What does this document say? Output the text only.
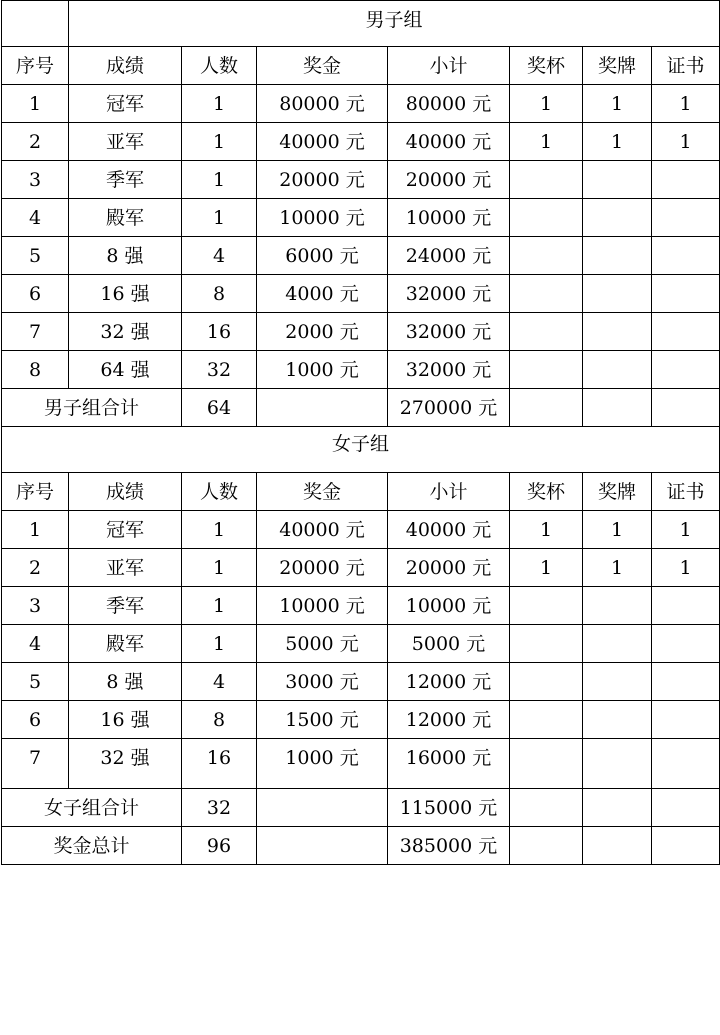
	男子组						
序号	成绩	人数	奖金	小计	奖杯	奖牌	证书
1	冠军	1	80000 元	80000 元	1	1	1
2	亚军	1	40000 元	40000 元	1	1	1
3	季军	1	20000 元	20000 元			
4	殿军	1	10000 元	10000 元			
5	8 强	4	6000 元	24000 元			
6	16 强	8	4000 元	32000 元			
7	32 强	16	2000 元	32000 元			
8	64 强	32	1000 元	32000 元			
男子组合计		64		270000 元			
女子组							
序号	成绩	人数	奖金	小计	奖杯	奖牌	证书
1	冠军	1	40000 元	40000 元	1	1	1
2	亚军	1	20000 元	20000 元	1	1	1
3	季军	1	10000 元	10000 元			
4	殿军	1	5000 元	5000 元			
5	8 强	4	3000 元	12000 元			
6	16 强	8	1500 元	12000 元			
7	32 强	16	1000 元	16000 元			
女子组合计		32		115000 元			
奖金总计		96		385000 元			
